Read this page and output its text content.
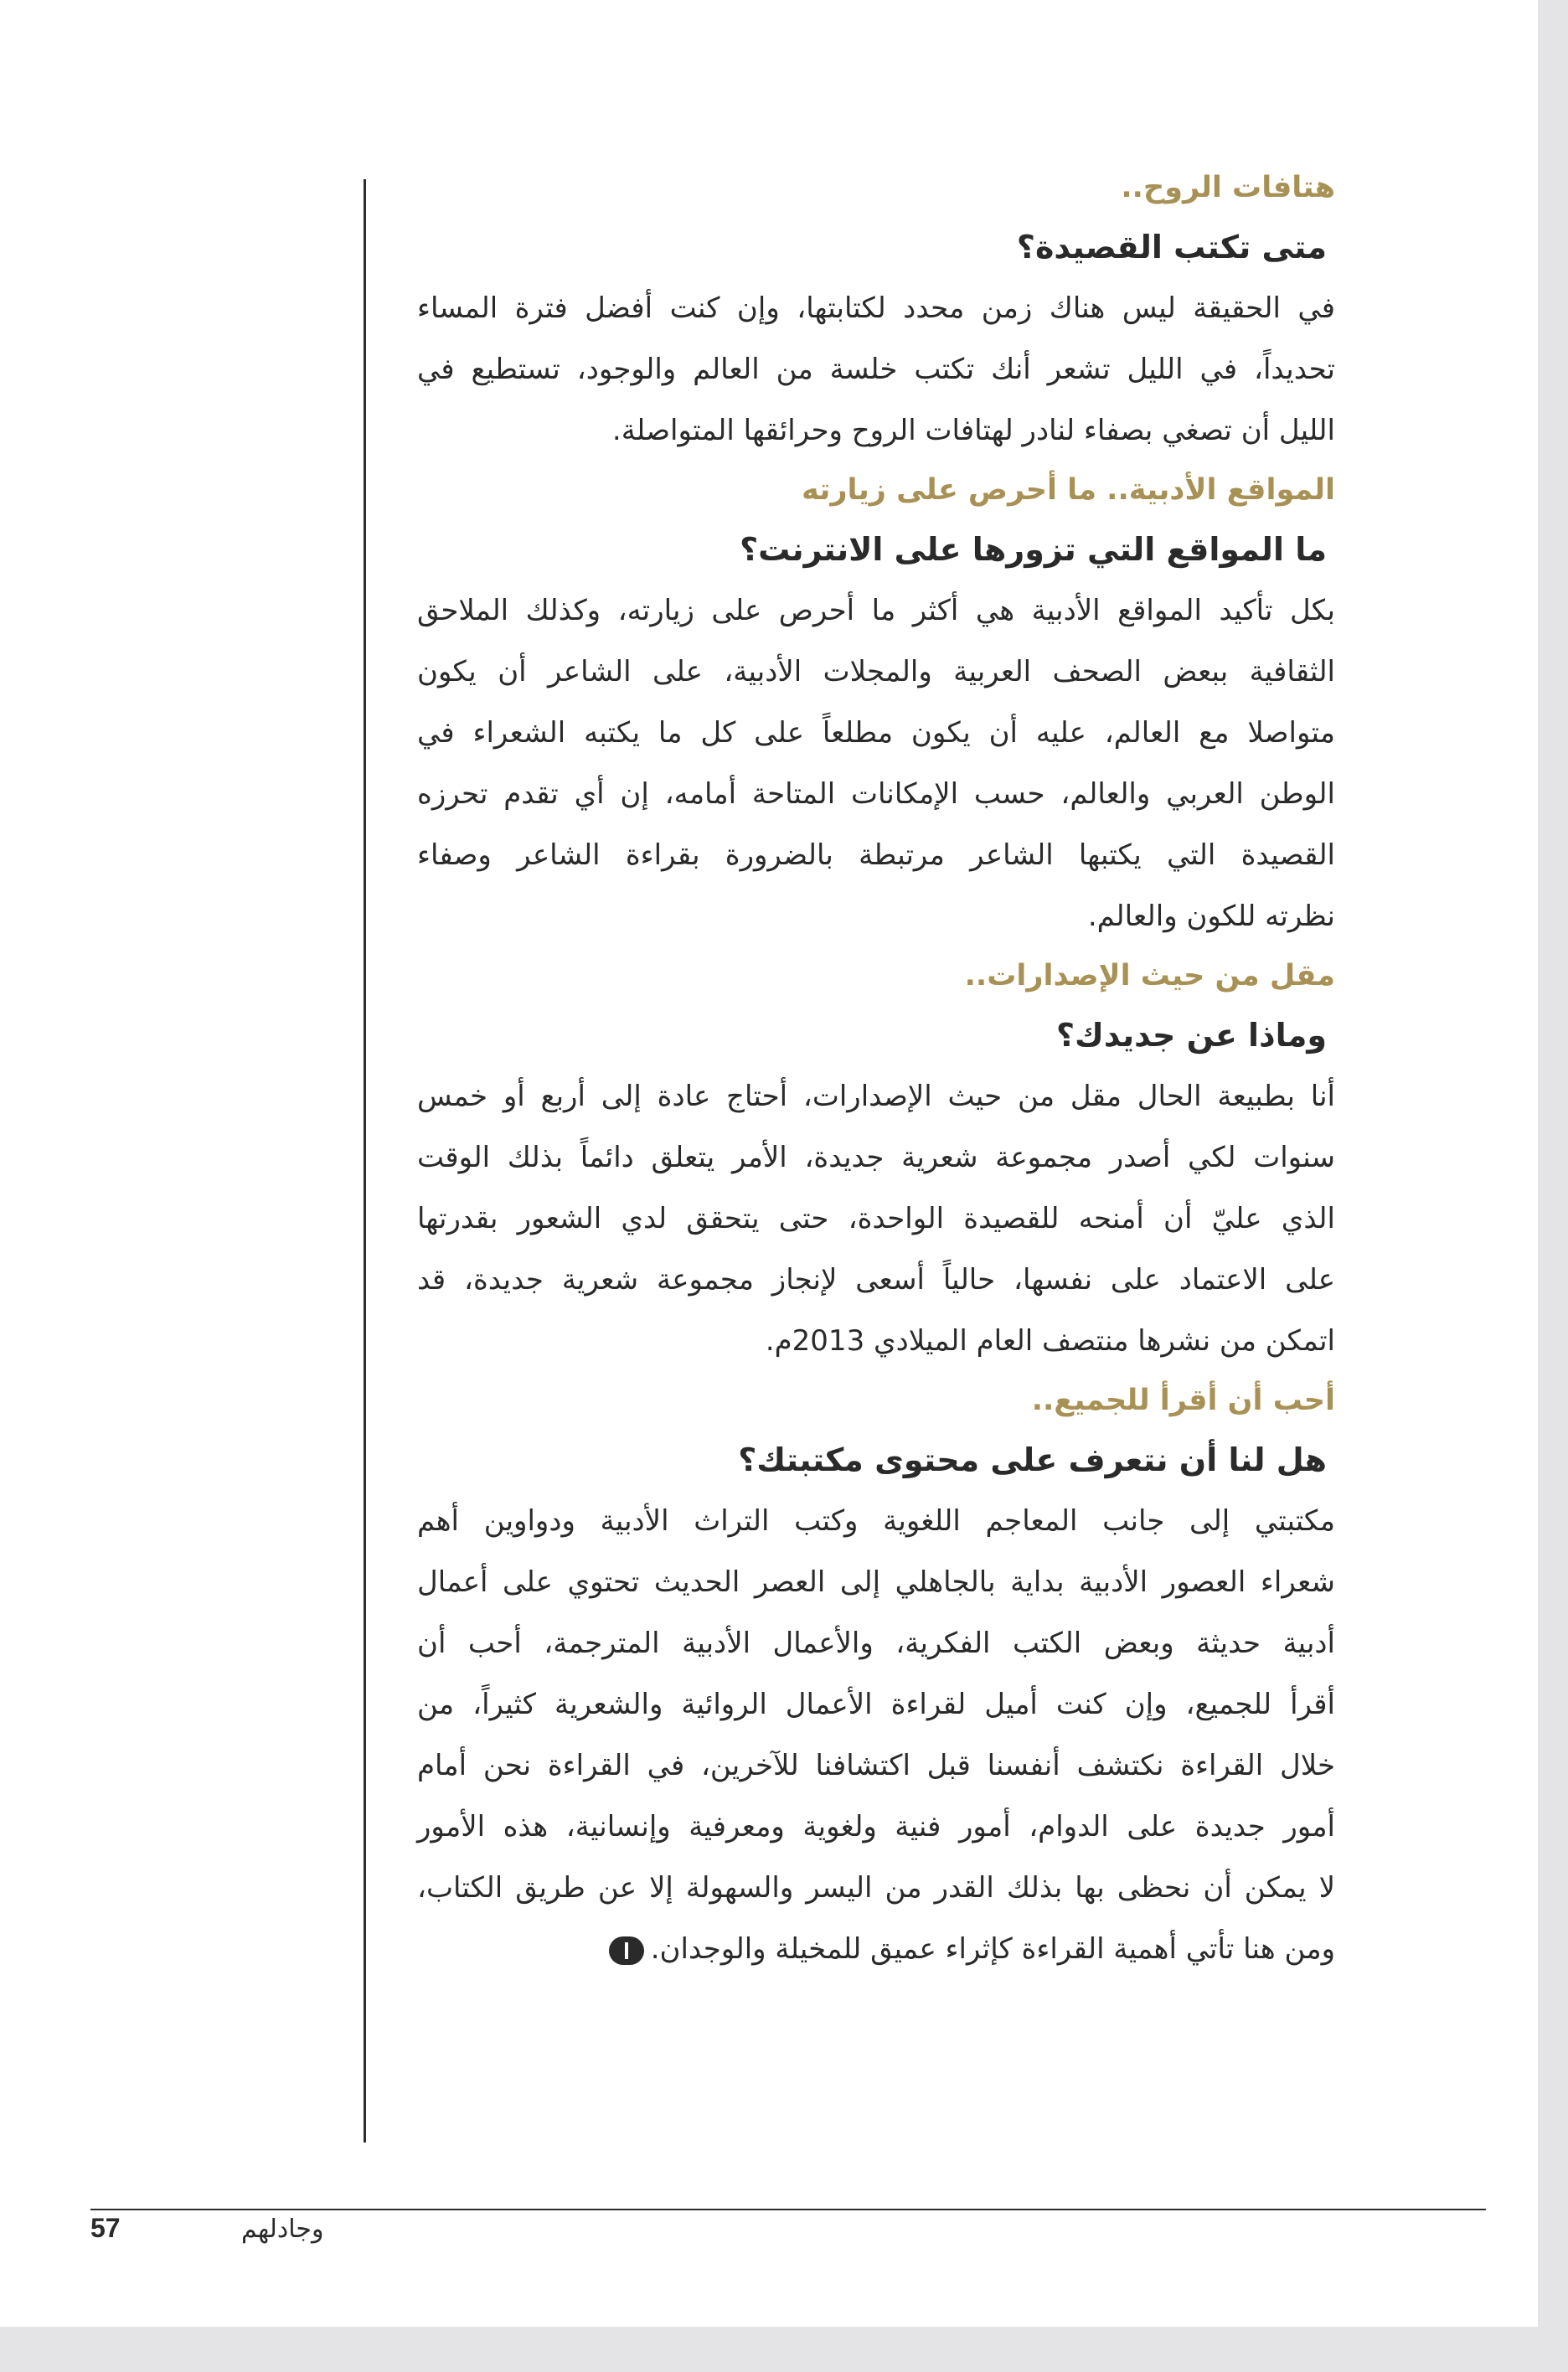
هتافات الروح..
متى تكتب القصيدة؟

في الحقيقة ليس هناك زمن محدد لكتابتها، وإن كنت أفضل فترة المساء

تحديداً، في الليل تشعر أنك تكتب خلسة من العالم والوجود، تستطيع في

الليل أن تصغي بصفاء لنادر لهتافات الروح وحرائقها المتواصلة.

المواقع الأدبية.. ما أحرص على زيارته
ما المواقع التي تزورها على الانترنت؟

بكل تأكيد المواقع الأدبية هي أكثر ما أحرص على زيارته، وكذلك الملاحق

الثقافية ببعض الصحف العربية والمجلات الأدبية، على الشاعر أن يكون

متواصلا مع العالم، عليه أن يكون مطلعاً على كل ما يكتبه الشعراء في

الوطن العربي والعالم، حسب الإمكانات المتاحة أمامه، إن أي تقدم تحرزه

القصيدة التي يكتبها الشاعر مرتبطة بالضرورة بقراءة الشاعر وصفاء

نظرته للكون والعالم.

مقل من حيث الإصدارات..
وماذا عن جديدك؟

أنا بطبيعة الحال مقل من حيث الإصدارات، أحتاج عادة إلى أربع أو خمس

سنوات لكي أصدر مجموعة شعرية جديدة، الأمر يتعلق دائماً بذلك الوقت

الذي عليّ أن أمنحه للقصيدة الواحدة، حتى يتحقق لدي الشعور بقدرتها

على الاعتماد على نفسها، حالياً أسعى لإنجاز مجموعة شعرية جديدة، قد

اتمكن من نشرها منتصف العام الميلادي 2013م.

أحب أن أقرأ للجميع..
هل لنا أن نتعرف على محتوى مكتبتك؟

مكتبتي إلى جانب المعاجم اللغوية وكتب التراث الأدبية ودواوين أهم

شعراء العصور الأدبية بداية بالجاهلي إلى العصر الحديث تحتوي على أعمال

أدبية حديثة وبعض الكتب الفكرية، والأعمال الأدبية المترجمة، أحب أن

أقرأ للجميع، وإن كنت أميل لقراءة الأعمال الروائية والشعرية كثيراً، من

خلال القراءة نكتشف أنفسنا قبل اكتشافنا للآخرين، في القراءة نحن أمام

أمور جديدة على الدوام، أمور فنية ولغوية ومعرفية وإنسانية، هذه الأمور

لا يمكن أن نحظى بها بذلك القدر من اليسر والسهولة إلا عن طريق الكتاب،

ومن هنا تأتي أهمية القراءة كإثراء عميق للمخيلة والوجدان.

57	وجادلهم
